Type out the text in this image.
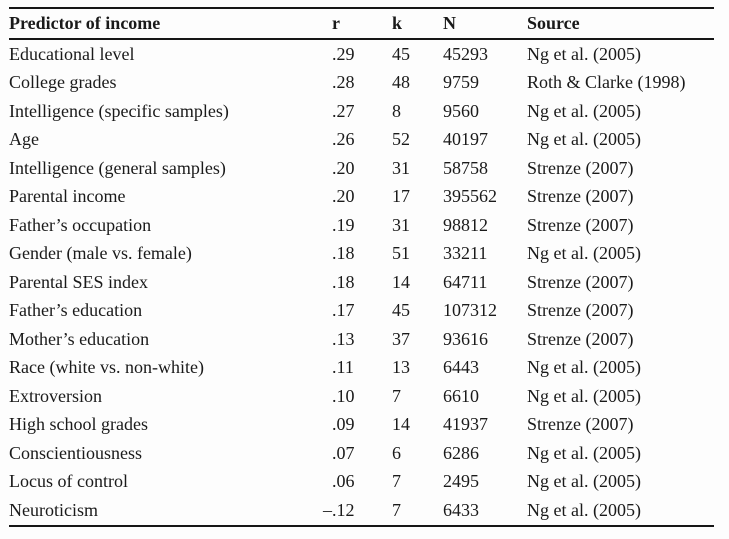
Predictor of income	r	k	N	Source
Educational level	.29	45	45293	Ng et al. (2005)
College grades	.28	48	9759	Roth & Clarke (1998)
Intelligence (specific samples)	.27	8	9560	Ng et al. (2005)
Age	.26	52	40197	Ng et al. (2005)
Intelligence (general samples)	.20	31	58758	Strenze (2007)
Parental income	.20	17	395562	Strenze (2007)
Father’s occupation	.19	31	98812	Strenze (2007)
Gender (male vs. female)	.18	51	33211	Ng et al. (2005)
Parental SES index	.18	14	64711	Strenze (2007)
Father’s education	.17	45	107312	Strenze (2007)
Mother’s education	.13	37	93616	Strenze (2007)
Race (white vs. non-white)	.11	13	6443	Ng et al. (2005)
Extroversion	.10	7	6610	Ng et al. (2005)
High school grades	.09	14	41937	Strenze (2007)
Conscientiousness	.07	6	6286	Ng et al. (2005)
Locus of control	.06	7	2495	Ng et al. (2005)
Neuroticism	–.12	7	6433	Ng et al. (2005)
